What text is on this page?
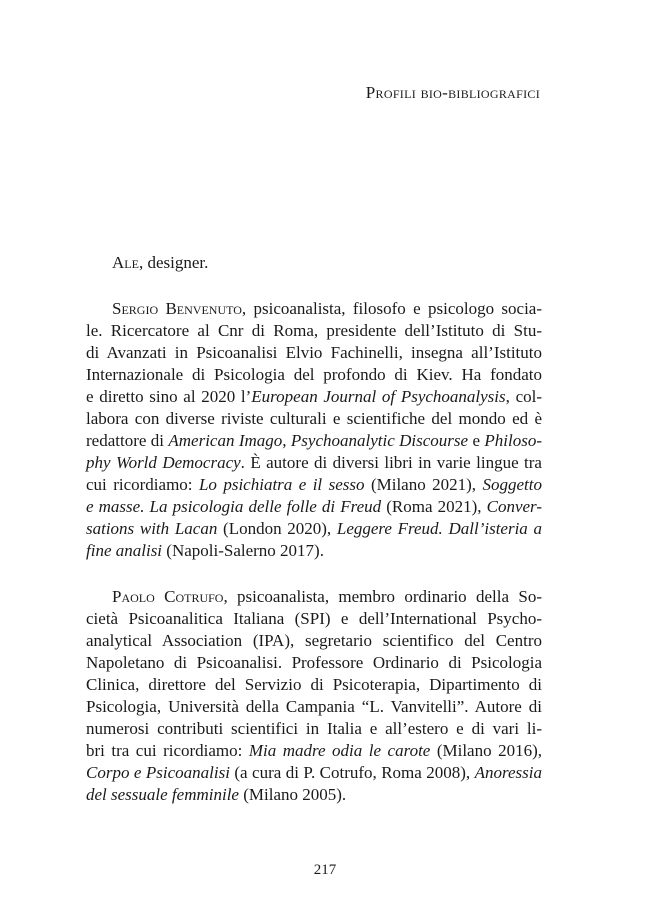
Profili bio-bibliografici
Ale, designer.
Sergio Benvenuto, psicoanalista, filosofo e psicologo socia-
le. Ricercatore al Cnr di Roma, presidente dell’Istituto di Stu-
di Avanzati in Psicoanalisi Elvio Fachinelli, insegna all’Istituto
Internazionale di Psicologia del profondo di Kiev. Ha fondato
e diretto sino al 2020 l’European Journal of Psychoanalysis, col-
labora con diverse riviste culturali e scientifiche del mondo ed è
redattore di American Imago, Psychoanalytic Discourse e Philoso-
phy World Democracy. È autore di diversi libri in varie lingue tra
cui ricordiamo: Lo psichiatra e il sesso (Milano 2021), Soggetto
e masse. La psicologia delle folle di Freud (Roma 2021), Conver-
sations with Lacan (London 2020), Leggere Freud. Dall’isteria a
fine analisi (Napoli-Salerno 2017).
Paolo Cotrufo, psicoanalista, membro ordinario della So-
cietà Psicoanalitica Italiana (SPI) e dell’International Psycho-
analytical Association (IPA), segretario scientifico del Centro
Napoletano di Psicoanalisi. Professore Ordinario di Psicologia
Clinica, direttore del Servizio di Psicoterapia, Dipartimento di
Psicologia, Università della Campania “L. Vanvitelli”. Autore di
numerosi contributi scientifici in Italia e all’estero e di vari li-
bri tra cui ricordiamo: Mia madre odia le carote (Milano 2016),
Corpo e Psicoanalisi (a cura di P. Cotrufo, Roma 2008), Anoressia
del sessuale femminile (Milano 2005).
217
